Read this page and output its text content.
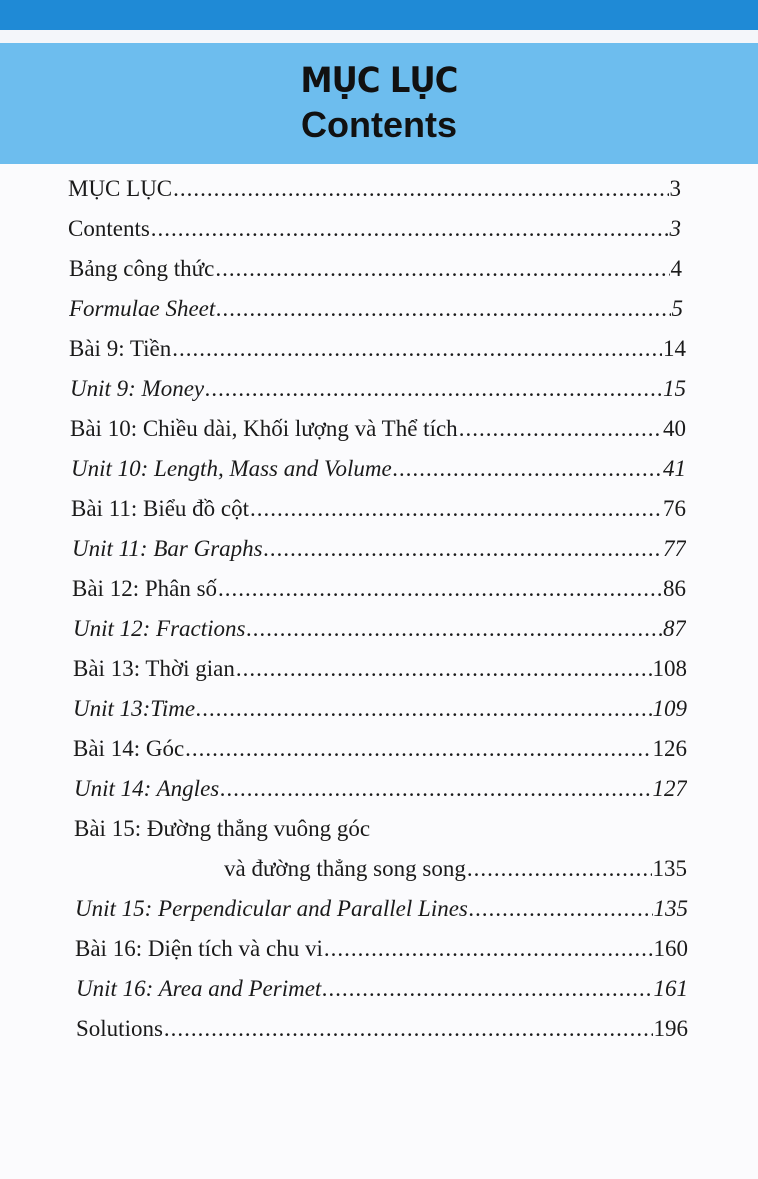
MỤC LỤC
Contents
MỤC LỤC .....	3
Contents .....	3
Bảng công thức .....	4
Formulae Sheet .....	5
Bài 9: Tiền .....	14
Unit 9: Money .....	15
Bài 10: Chiều dài, Khối lượng và Thể tích .....	40
Unit 10: Length, Mass and Volume .....	41
Bài 11: Biểu đồ cột .....	76
Unit 11: Bar Graphs .....	77
Bài 12: Phân số .....	86
Unit 12: Fractions .....	87
Bài 13: Thời gian .....	108
Unit 13:Time .....	109
Bài 14: Góc .....	126
Unit 14: Angles .....	127
Bài 15: Đường thẳng vuông góc
và đường thẳng song song .....	135
Unit 15: Perpendicular and Parallel Lines .....	135
Bài 16: Diện tích và chu vi .....	160
Unit 16: Area and Perimet .....	161
Solutions .....	196
